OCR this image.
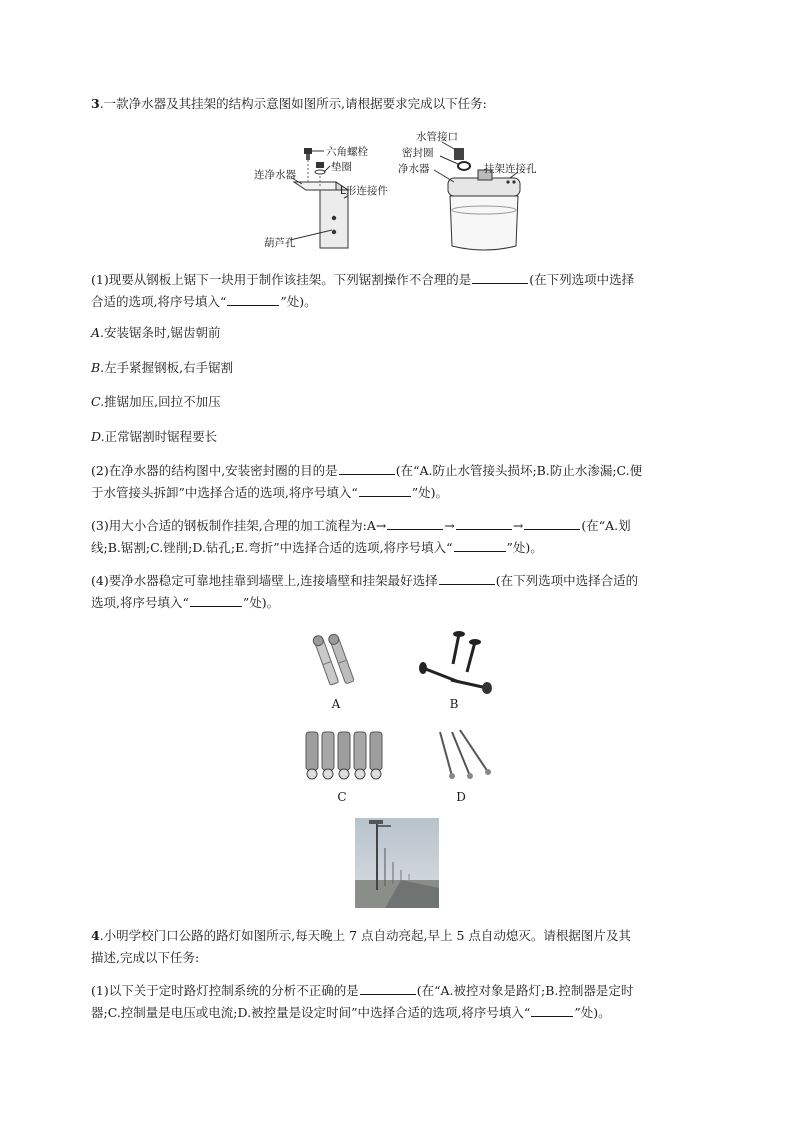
3.一款净水器及其挂架的结构示意图如图所示,请根据要求完成以下任务:
六角螺栓
垫圈
连净水器
L形连接件
葫芦孔
水管接口
密封圈
净水器	挂架连接孔
(1)现要从钢板上锯下一块用于制作该挂架。下列锯割操作不合理的是	(在下列选项中选择
合适的选项,将序号填入“	”处)。
A.安装锯条时,锯齿朝前
B.左手紧握钢板,右手锯割
C.推锯加压,回拉不加压
D.正常锯割时锯程要长
(2)在净水器的结构图中,安装密封圈的目的是	(在“A.防止水管接头损坏;B.防止水渗漏;C.便
于水管接头拆卸”中选择合适的选项,将序号填入“	”处)。
(3)用大小合适的钢板制作挂架,合理的加工流程为:A→	→	→	(在“A.划
线;B.锯割;C.锉削;D.钻孔;E.弯折”中选择合适的选项,将序号填入“	”处)。
(4)要净水器稳定可靠地挂靠到墙壁上,连接墙壁和挂架最好选择	(在下列选项中选择合适的
选项,将序号填入“	”处)。
A	B
C	D
4.小明学校门口公路的路灯如图所示,每天晚上 7 点自动亮起,早上 5 点自动熄灭。请根据图片及其
描述,完成以下任务:
(1)以下关于定时路灯控制系统的分析不正确的是	(在“A.被控对象是路灯;B.控制器是定时
器;C.控制量是电压或电流;D.被控量是设定时间”中选择合适的选项,将序号填入“	”处)。
